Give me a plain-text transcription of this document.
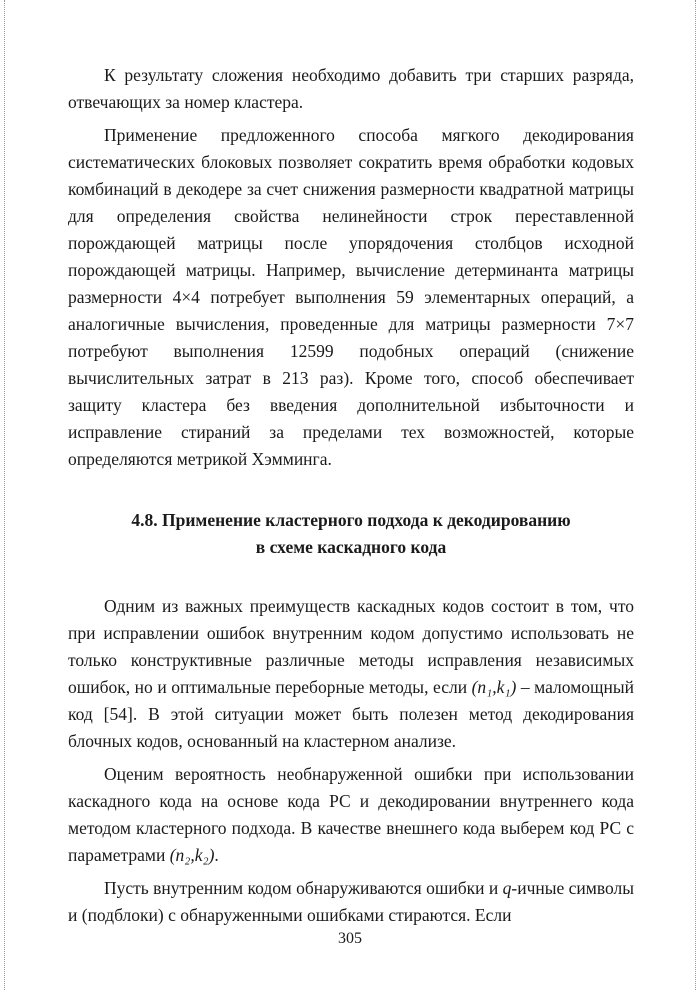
К результату сложения необходимо добавить три старших разряда, отвечающих за номер кластера.

Применение предложенного способа мягкого декодирования систематических блоковых позволяет сократить время обработки кодовых комбинаций в декодере за счет снижения размерности квадратной матрицы для определения свойства нелинейности строк переставленной порождающей матрицы после упорядочения столбцов исходной порождающей матрицы. Например, вычисление детерминанта матрицы размерности 4×4 потребует выполнения 59 элементарных операций, а аналогичные вычисления, проведенные для матрицы размерности 7×7 потребуют выполнения 12599 подобных операций (снижение вычислительных затрат в 213 раз). Кроме того, способ обеспечивает защиту кластера без введения дополнительной избыточности и исправление стираний за пределами тех возможностей, которые определяются метрикой Хэмминга.

4.8. Применение кластерного подхода к декодированию
в схеме каскадного кода

Одним из важных преимуществ каскадных кодов состоит в том, что при исправлении ошибок внутренним кодом допустимо использовать не только конструктивные различные методы исправления независимых ошибок, но и оптимальные переборные методы, если (n₁,k₁) – маломощный код [54]. В этой ситуации может быть полезен метод декодирования блочных кодов, основанный на кластерном анализе.

Оценим вероятность необнаруженной ошибки при использовании каскадного кода на основе кода РС и декодировании внутреннего кода методом кластерного подхода. В качестве внешнего кода выберем код РС с параметрами (n₂,k₂).

Пусть внутренним кодом обнаруживаются ошибки и q-ичные символы и (подблоки) с обнаруженными ошибками стираются. Если

305
